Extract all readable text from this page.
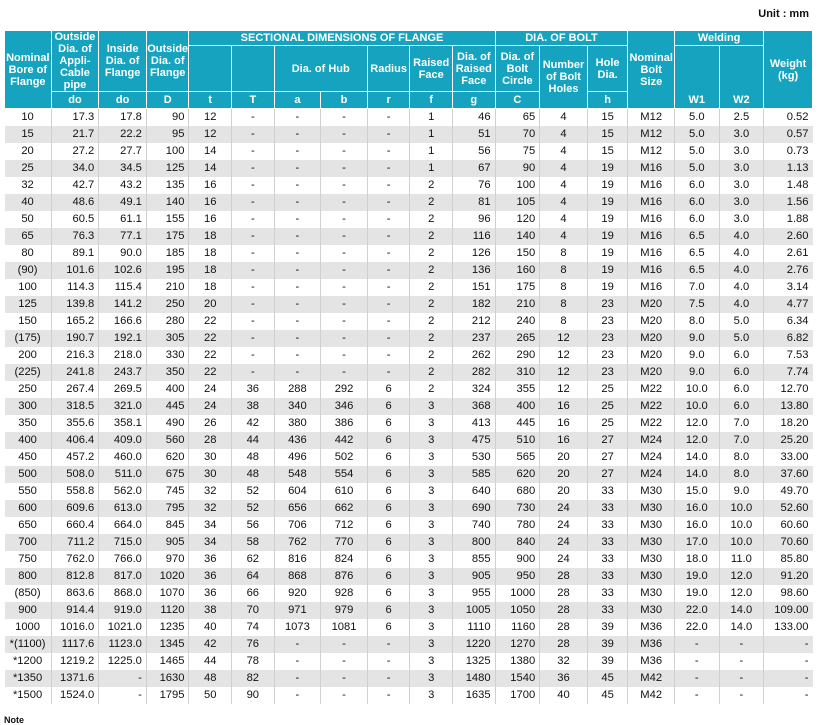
Unit : mm
Nominal Bore of Flange	Outside Dia. of Appli- Cable pipe	Inside Dia. of Flange	Outside Dia. of Flange	SECTIONAL DIMENSIONS OF FLANGE							DIA. OF BOLT			Nominal Bolt Size	Welding		Weight (kg)
						Dia. of Hub		Radius	Raised Face	Dia. of Raised Face	Dia. of Bolt Circle	Number of Bolt Holes	Hole Dia.		W1	W2	

	do	do	D	t	T	a	b	r	f	g	C		h				
10	17.3	17.8	90	12	-	-	-	-	1	46	65	4	15	M12	5.0	2.5	0.52
15	21.7	22.2	95	12	-	-	-	-	1	51	70	4	15	M12	5.0	3.0	0.57
20	27.2	27.7	100	14	-	-	-	-	1	56	75	4	15	M12	5.0	3.0	0.73
25	34.0	34.5	125	14	-	-	-	-	1	67	90	4	19	M16	5.0	3.0	1.13
32	42.7	43.2	135	16	-	-	-	-	2	76	100	4	19	M16	6.0	3.0	1.48
40	48.6	49.1	140	16	-	-	-	-	2	81	105	4	19	M16	6.0	3.0	1.56
50	60.5	61.1	155	16	-	-	-	-	2	96	120	4	19	M16	6.0	3.0	1.88
65	76.3	77.1	175	18	-	-	-	-	2	116	140	4	19	M16	6.5	4.0	2.60
80	89.1	90.0	185	18	-	-	-	-	2	126	150	8	19	M16	6.5	4.0	2.61
(90)	101.6	102.6	195	18	-	-	-	-	2	136	160	8	19	M16	6.5	4.0	2.76
100	114.3	115.4	210	18	-	-	-	-	2	151	175	8	19	M16	7.0	4.0	3.14
125	139.8	141.2	250	20	-	-	-	-	2	182	210	8	23	M20	7.5	4.0	4.77
150	165.2	166.6	280	22	-	-	-	-	2	212	240	8	23	M20	8.0	5.0	6.34
(175)	190.7	192.1	305	22	-	-	-	-	2	237	265	12	23	M20	9.0	5.0	6.82
200	216.3	218.0	330	22	-	-	-	-	2	262	290	12	23	M20	9.0	6.0	7.53
(225)	241.8	243.7	350	22	-	-	-	-	2	282	310	12	23	M20	9.0	6.0	7.74
250	267.4	269.5	400	24	36	288	292	6	2	324	355	12	25	M22	10.0	6.0	12.70
300	318.5	321.0	445	24	38	340	346	6	3	368	400	16	25	M22	10.0	6.0	13.80
350	355.6	358.1	490	26	42	380	386	6	3	413	445	16	25	M22	12.0	7.0	18.20
400	406.4	409.0	560	28	44	436	442	6	3	475	510	16	27	M24	12.0	7.0	25.20
450	457.2	460.0	620	30	48	496	502	6	3	530	565	20	27	M24	14.0	8.0	33.00
500	508.0	511.0	675	30	48	548	554	6	3	585	620	20	27	M24	14.0	8.0	37.60
550	558.8	562.0	745	32	52	604	610	6	3	640	680	20	33	M30	15.0	9.0	49.70
600	609.6	613.0	795	32	52	656	662	6	3	690	730	24	33	M30	16.0	10.0	52.60
650	660.4	664.0	845	34	56	706	712	6	3	740	780	24	33	M30	16.0	10.0	60.60
700	711.2	715.0	905	34	58	762	770	6	3	800	840	24	33	M30	17.0	10.0	70.60
750	762.0	766.0	970	36	62	816	824	6	3	855	900	24	33	M30	18.0	11.0	85.80
800	812.8	817.0	1020	36	64	868	876	6	3	905	950	28	33	M30	19.0	12.0	91.20
(850)	863.6	868.0	1070	36	66	920	928	6	3	955	1000	28	33	M30	19.0	12.0	98.60
900	914.4	919.0	1120	38	70	971	979	6	3	1005	1050	28	33	M30	22.0	14.0	109.00
1000	1016.0	1021.0	1235	40	74	1073	1081	6	3	1110	1160	28	39	M36	22.0	14.0	133.00
*(1100)	1117.6	1123.0	1345	42	76	-	-	-	3	1220	1270	28	39	M36	-	-	-
*1200	1219.2	1225.0	1465	44	78	-	-	-	3	1325	1380	32	39	M36	-	-	-
*1350	1371.6	-	1630	48	82	-	-	-	3	1480	1540	36	45	M42	-	-	-
*1500	1524.0	-	1795	50	90	-	-	-	3	1635	1700	40	45	M42	-	-	-
Note
